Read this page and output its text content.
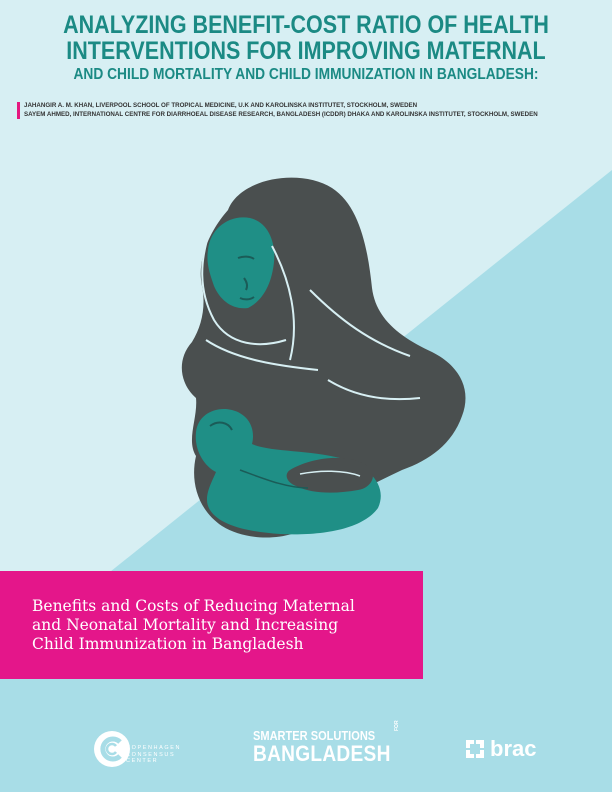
ANALYZING BENEFIT-COST RATIO OF HEALTH
INTERVENTIONS FOR IMPROVING MATERNAL
AND CHILD MORTALITY AND CHILD IMMUNIZATION IN BANGLADESH:
JAHANGIR A. M. KHAN, LIVERPOOL SCHOOL OF TROPICAL MEDICINE, U.K AND KAROLINSKA INSTITUTET, STOCKHOLM, SWEDEN
SAYEM AHMED, INTERNATIONAL CENTRE FOR DIARRHOEAL DISEASE RESEARCH, BANGLADESH (ICDDR) DHAKA AND KAROLINSKA INSTITUTET, STOCKHOLM, SWEDEN
Benefits and Costs of Reducing Maternal
and Neonatal Mortality and Increasing
Child Immunization in Bangladesh
COPENHAGEN
CONSENSUS
CENTER
SMARTER SOLUTIONS
FOR
BANGLADESH	brac
